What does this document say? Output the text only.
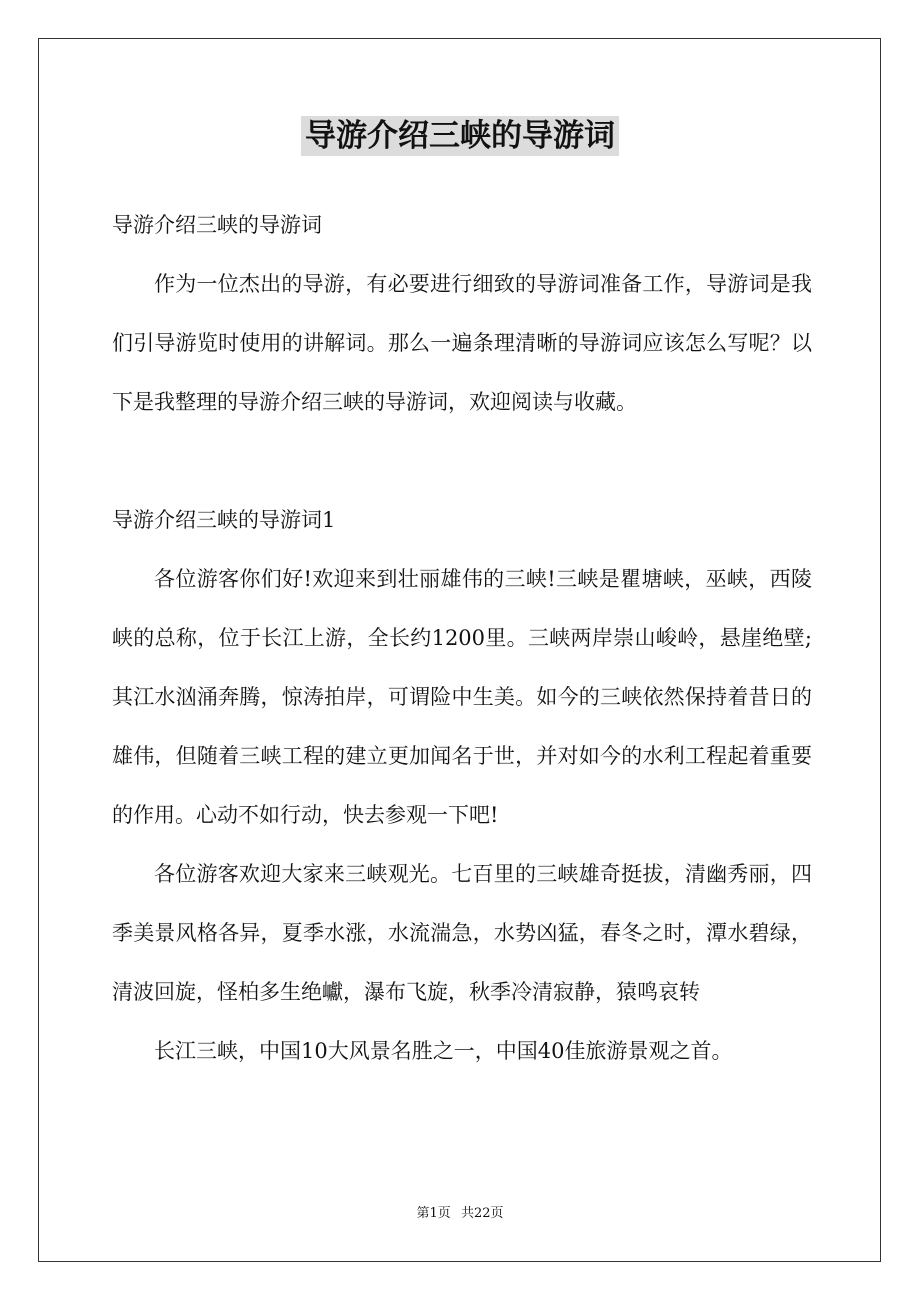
导游介绍三峡的导游词

导游介绍三峡的导游词

作为一位杰出的导游，有必要进行细致的导游词准备工作，导游词是我们引导游览时使用的讲解词。那么一遍条理清晰的导游词应该怎么写呢？以下是我整理的导游介绍三峡的导游词，欢迎阅读与收藏。

导游介绍三峡的导游词1

各位游客你们好!欢迎来到壮丽雄伟的三峡!三峡是瞿塘峡，巫峡，西陵峡的总称，位于长江上游，全长约1200里。三峡两岸崇山峻岭，悬崖绝壁;其江水汹涌奔腾，惊涛拍岸，可谓险中生美。如今的三峡依然保持着昔日的雄伟，但随着三峡工程的建立更加闻名于世，并对如今的水利工程起着重要的作用。心动不如行动，快去参观一下吧!

各位游客欢迎大家来三峡观光。七百里的三峡雄奇挺拔，清幽秀丽，四季美景风格各异，夏季水涨，水流湍急，水势凶猛，春冬之时，潭水碧绿，清波回旋，怪柏多生绝巘，瀑布飞旋，秋季冷清寂静，猿鸣哀转

长江三峡，中国10大风景名胜之一，中国40佳旅游景观之首。

第1页 共22页
